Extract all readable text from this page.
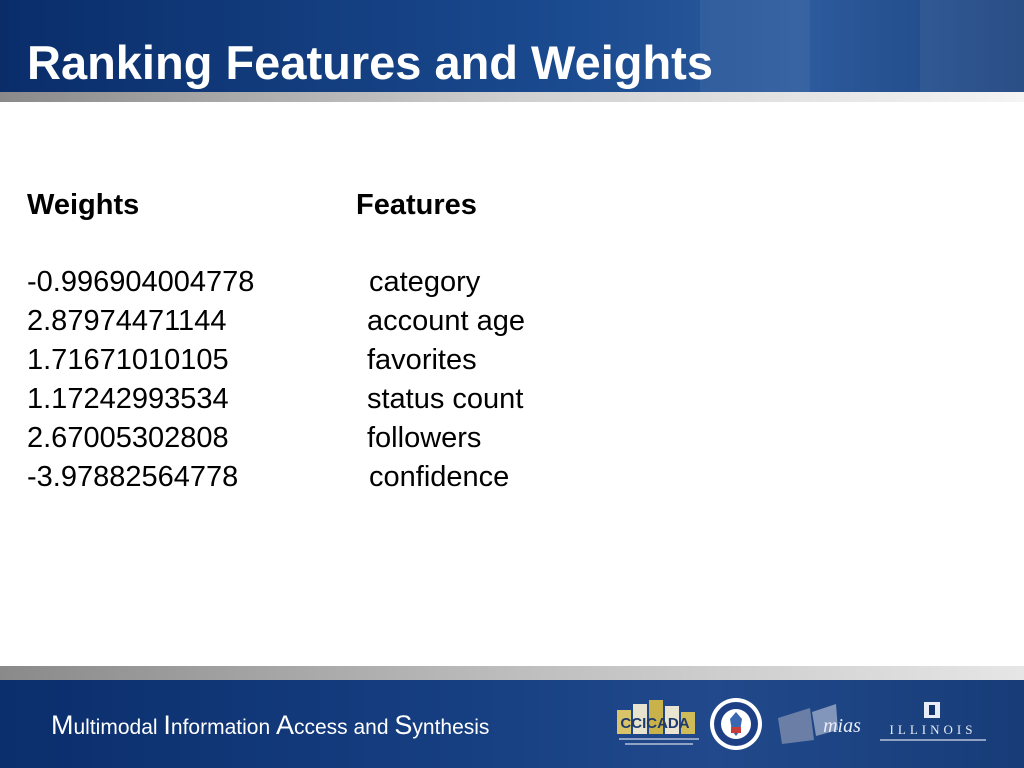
Ranking Features and Weights
Weights	Features
-0.996904004778	category
2.87974471144	account age
1.71671010105	favorites
1.17242993534	status count
2.67005302808	followers
-3.97882564778	confidence
Multimodal Information Access and Synthesis	CCICADA	mias ILLINOIS
